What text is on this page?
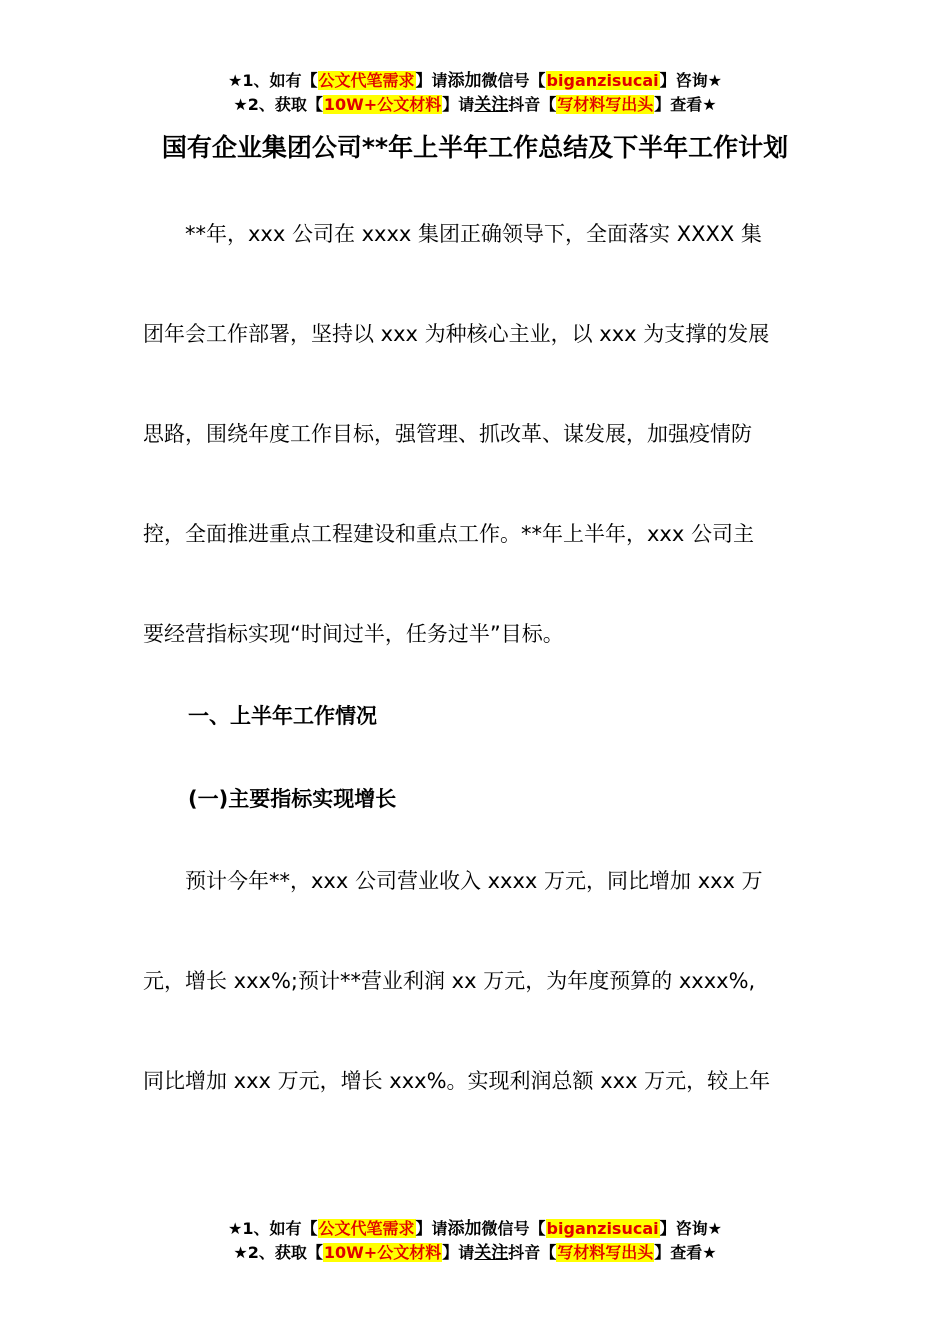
★1、如有【公文代笔需求】请添加微信号【biganzisucai】咨询★
★2、获取【10W+公文材料】请关注抖音【写材料写出头】查看★
国有企业集团公司**年上半年工作总结及下半年工作计划
　　**年，xxx 公司在 xxxx 集团正确领导下，全面落实 XXXX 集
团年会工作部署，坚持以 xxx 为种核心主业，以 xxx 为支撑的发展
思路，围绕年度工作目标，强管理、抓改革、谋发展，加强疫情防
控，全面推进重点工程建设和重点工作。**年上半年，xxx 公司主
要经营指标实现“时间过半，任务过半”目标。
一、上半年工作情况
(一)主要指标实现增长
　　预计今年**，xxx 公司营业收入 xxxx 万元，同比增加 xxx 万
元，增长 xxx%;预计**营业利润 xx 万元，为年度预算的 xxxx%,
同比增加 xxx 万元，增长 xxx%。实现利润总额 xxx 万元，较上年
★1、如有【公文代笔需求】请添加微信号【biganzisucai】咨询★
★2、获取【10W+公文材料】请关注抖音【写材料写出头】查看★
